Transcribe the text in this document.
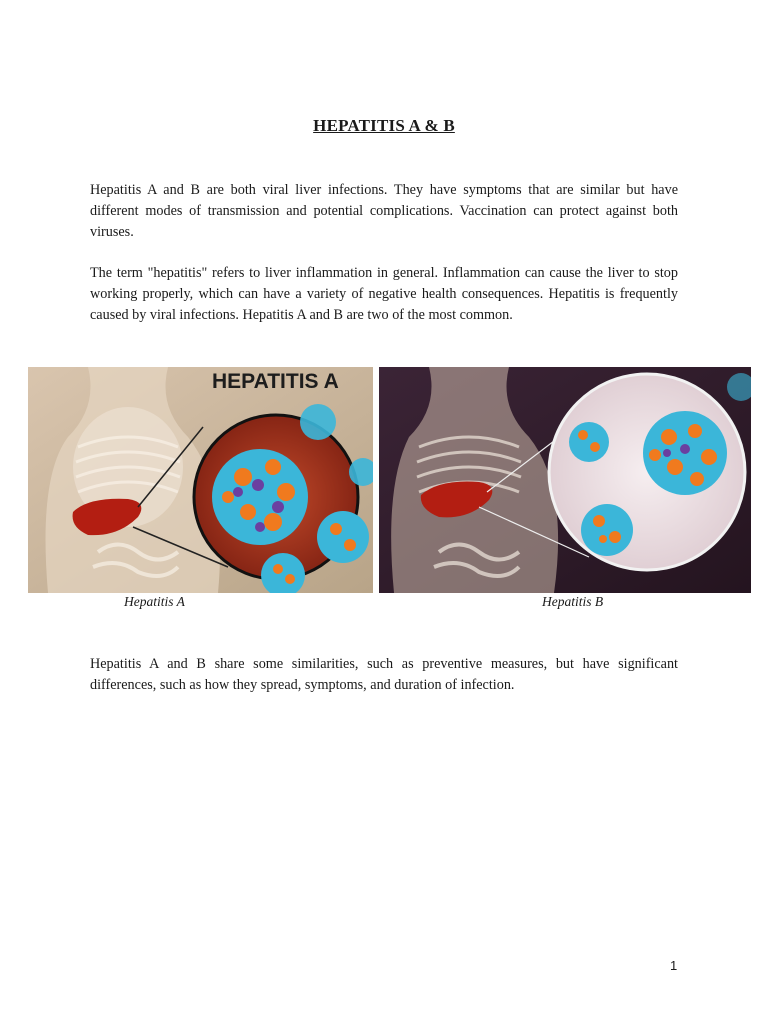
HEPATITIS A & B

Hepatitis A and B are both viral liver infections. They have symptoms that are similar but have different modes of transmission and potential complications. Vaccination can protect against both viruses.

The term "hepatitis" refers to liver inflammation in general. Inflammation can cause the liver to stop working properly, which can have a variety of negative health consequences. Hepatitis is frequently caused by viral infections. Hepatitis A and B are two of the most common.

HEPATITIS A
Hepatitis A	Hepatitis B

Hepatitis A and B share some similarities, such as preventive measures, but have significant differences, such as how they spread, symptoms, and duration of infection.

1
